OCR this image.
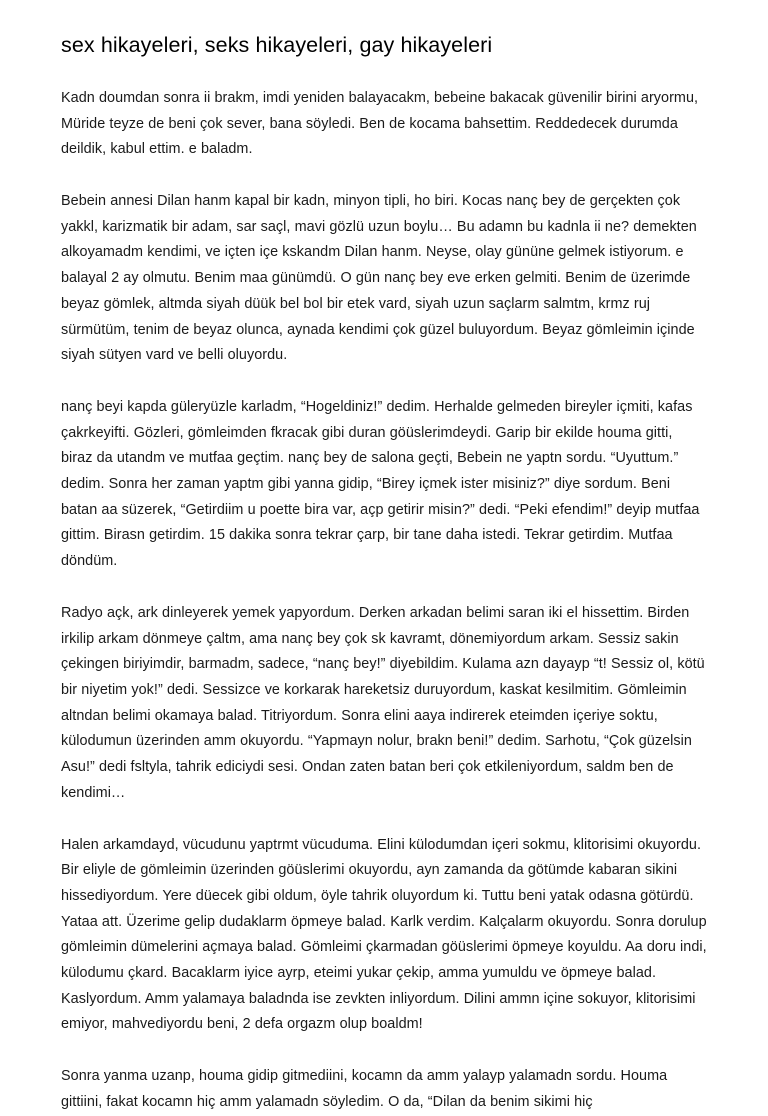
sex hikayeleri, seks hikayeleri, gay hikayeleri

Kadn doumdan sonra ii brakm, imdi yeniden balayacakm, bebeine bakacak güvenilir birini aryormu, Müride teyze de beni çok sever, bana söyledi. Ben de kocama bahsettim. Reddedecek durumda deildik, kabul ettim. e baladm.

Bebein annesi Dilan hanm kapal bir kadn, minyon tipli, ho biri. Kocas nanç bey de gerçekten çok yakkl, karizmatik bir adam, sar saçl, mavi gözlü uzun boylu… Bu adamn bu kadnla ii ne? demekten alkoyamadm kendimi, ve içten içe kskandm Dilan hanm. Neyse, olay gününe gelmek istiyorum. e balayal 2 ay olmutu. Benim maa günümdü. O gün nanç bey eve erken gelmiti. Benim de üzerimde beyaz gömlek, altmda siyah düük bel bol bir etek vard, siyah uzun saçlarm salmtm, krmz ruj sürmütüm, tenim de beyaz olunca, aynada kendimi çok güzel buluyordum. Beyaz gömleimin içinde siyah sütyen vard ve belli oluyordu.

nanç beyi kapda güleryüzle karladm, “Hogeldiniz!” dedim. Herhalde gelmeden bireyler içmiti, kafas çakrkeyifti. Gözleri, gömleimden fkracak gibi duran göüslerimdeydi. Garip bir ekilde houma gitti, biraz da utandm ve mutfaa geçtim. nanç bey de salona geçti, Bebein ne yaptn sordu. “Uyuttum.” dedim. Sonra her zaman yaptm gibi yanna gidip, “Birey içmek ister misiniz?” diye sordum. Beni batan aa süzerek, “Getirdiim u poette bira var, açp getirir misin?” dedi. “Peki efendim!” deyip mutfaa gittim. Birasn getirdim. 15 dakika sonra tekrar çarp, bir tane daha istedi. Tekrar getirdim. Mutfaa döndüm.

Radyo açk, ark dinleyerek yemek yapyordum. Derken arkadan belimi saran iki el hissettim. Birden irkilip arkam dönmeye çaltm, ama nanç bey çok sk kavramt, dönemiyordum arkam. Sessiz sakin çekingen biriyimdir, barmadm, sadece, “nanç bey!” diyebildim. Kulama azn dayayp “t! Sessiz ol, kötü bir niyetim yok!” dedi. Sessizce ve korkarak hareketsiz duruyordum, kaskat kesilmitim. Gömleimin altndan belimi okamaya balad. Titriyordum. Sonra elini aaya indirerek eteimden içeriye soktu, külodumun üzerinden amm okuyordu. “Yapmayn nolur, brakn beni!” dedim. Sarhotu, “Çok güzelsin Asu!” dedi fsltyla, tahrik ediciydi sesi. Ondan zaten batan beri çok etkileniyordum, saldm ben de kendimi…

Halen arkamdayd, vücudunu yaptrmt vücuduma. Elini külodumdan içeri sokmu, klitorisimi okuyordu. Bir eliyle de gömleimin üzerinden göüslerimi okuyordu, ayn zamanda da götümde kabaran sikini hissediyordum. Yere düecek gibi oldum, öyle tahrik oluyordum ki. Tuttu beni yatak odasna götürdü. Yataa att. Üzerime gelip dudaklarm öpmeye balad. Karlk verdim. Kalçalarm okuyordu. Sonra dorulup gömleimin dümelerini açmaya balad. Gömleimi çkarmadan göüslerimi öpmeye koyuldu. Aa doru indi, külodumu çkard. Bacaklarm iyice ayrp, eteimi yukar çekip, amma yumuldu ve öpmeye balad. Kaslyordum. Amm yalamaya baladnda ise zevkten inliyordum. Dilini ammn içine sokuyor, klitorisimi emiyor, mahvediyordu beni, 2 defa orgazm olup boaldm!

Sonra yanma uzanp, houma gidip gitmediini, kocamn da amm yalayp yalamadn sordu. Houma gittiini, fakat kocamn hiç amm yalamadn söyledim. O da, “Dilan da benim sikimi hiç
